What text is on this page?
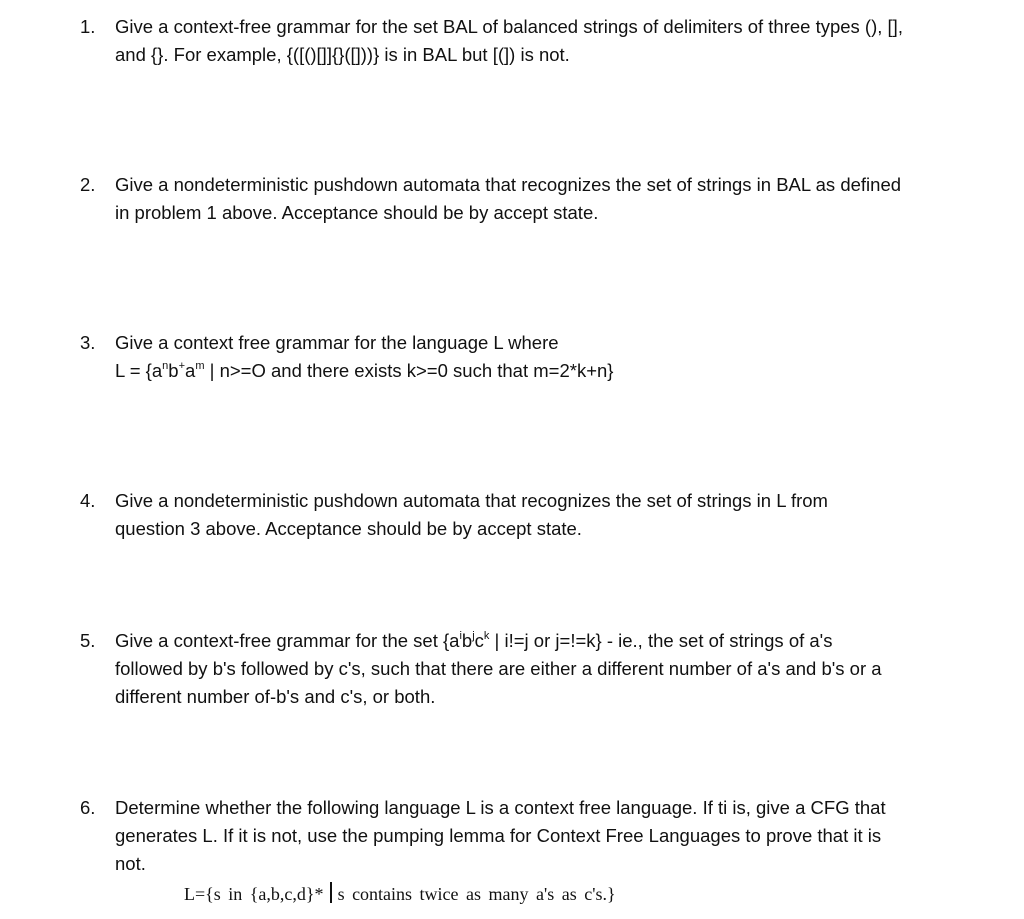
1. Give a context-free grammar for the set BAL of balanced strings of delimiters of three types (), [],
and {}. For example, {([()[]]{}([]))} is in BAL but [(]) is not.
2. Give a nondeterministic pushdown automata that recognizes the set of strings in BAL as defined
in problem 1 above. Acceptance should be by accept state.
3. Give a context free grammar for the language L where
$L = \{a^nb^+a^m$ | n>=O and there exists k>=0 such that m=2*k+n}
4. Give a nondeterministic pushdown automata that recognizes the set of strings in L from
question 3 above. Acceptance should be by accept state.
5. Give a context-free grammar for the set {$a^ib^jc^k$ | i!=j or j=!=k} - ie., the set of strings of a's
followed by b's followed by c's, such that there are either a different number of a's and b's or a
different number of-b's and c's, or both.
6. Determine whether the following language L is a context free language. If ti is, give a CFG that
generates L. If it is not, use the pumping lemma for Context Free Languages to prove that it is
not.
L={s in {a,b,c,d}* s contains twice as many a's as c's.}
